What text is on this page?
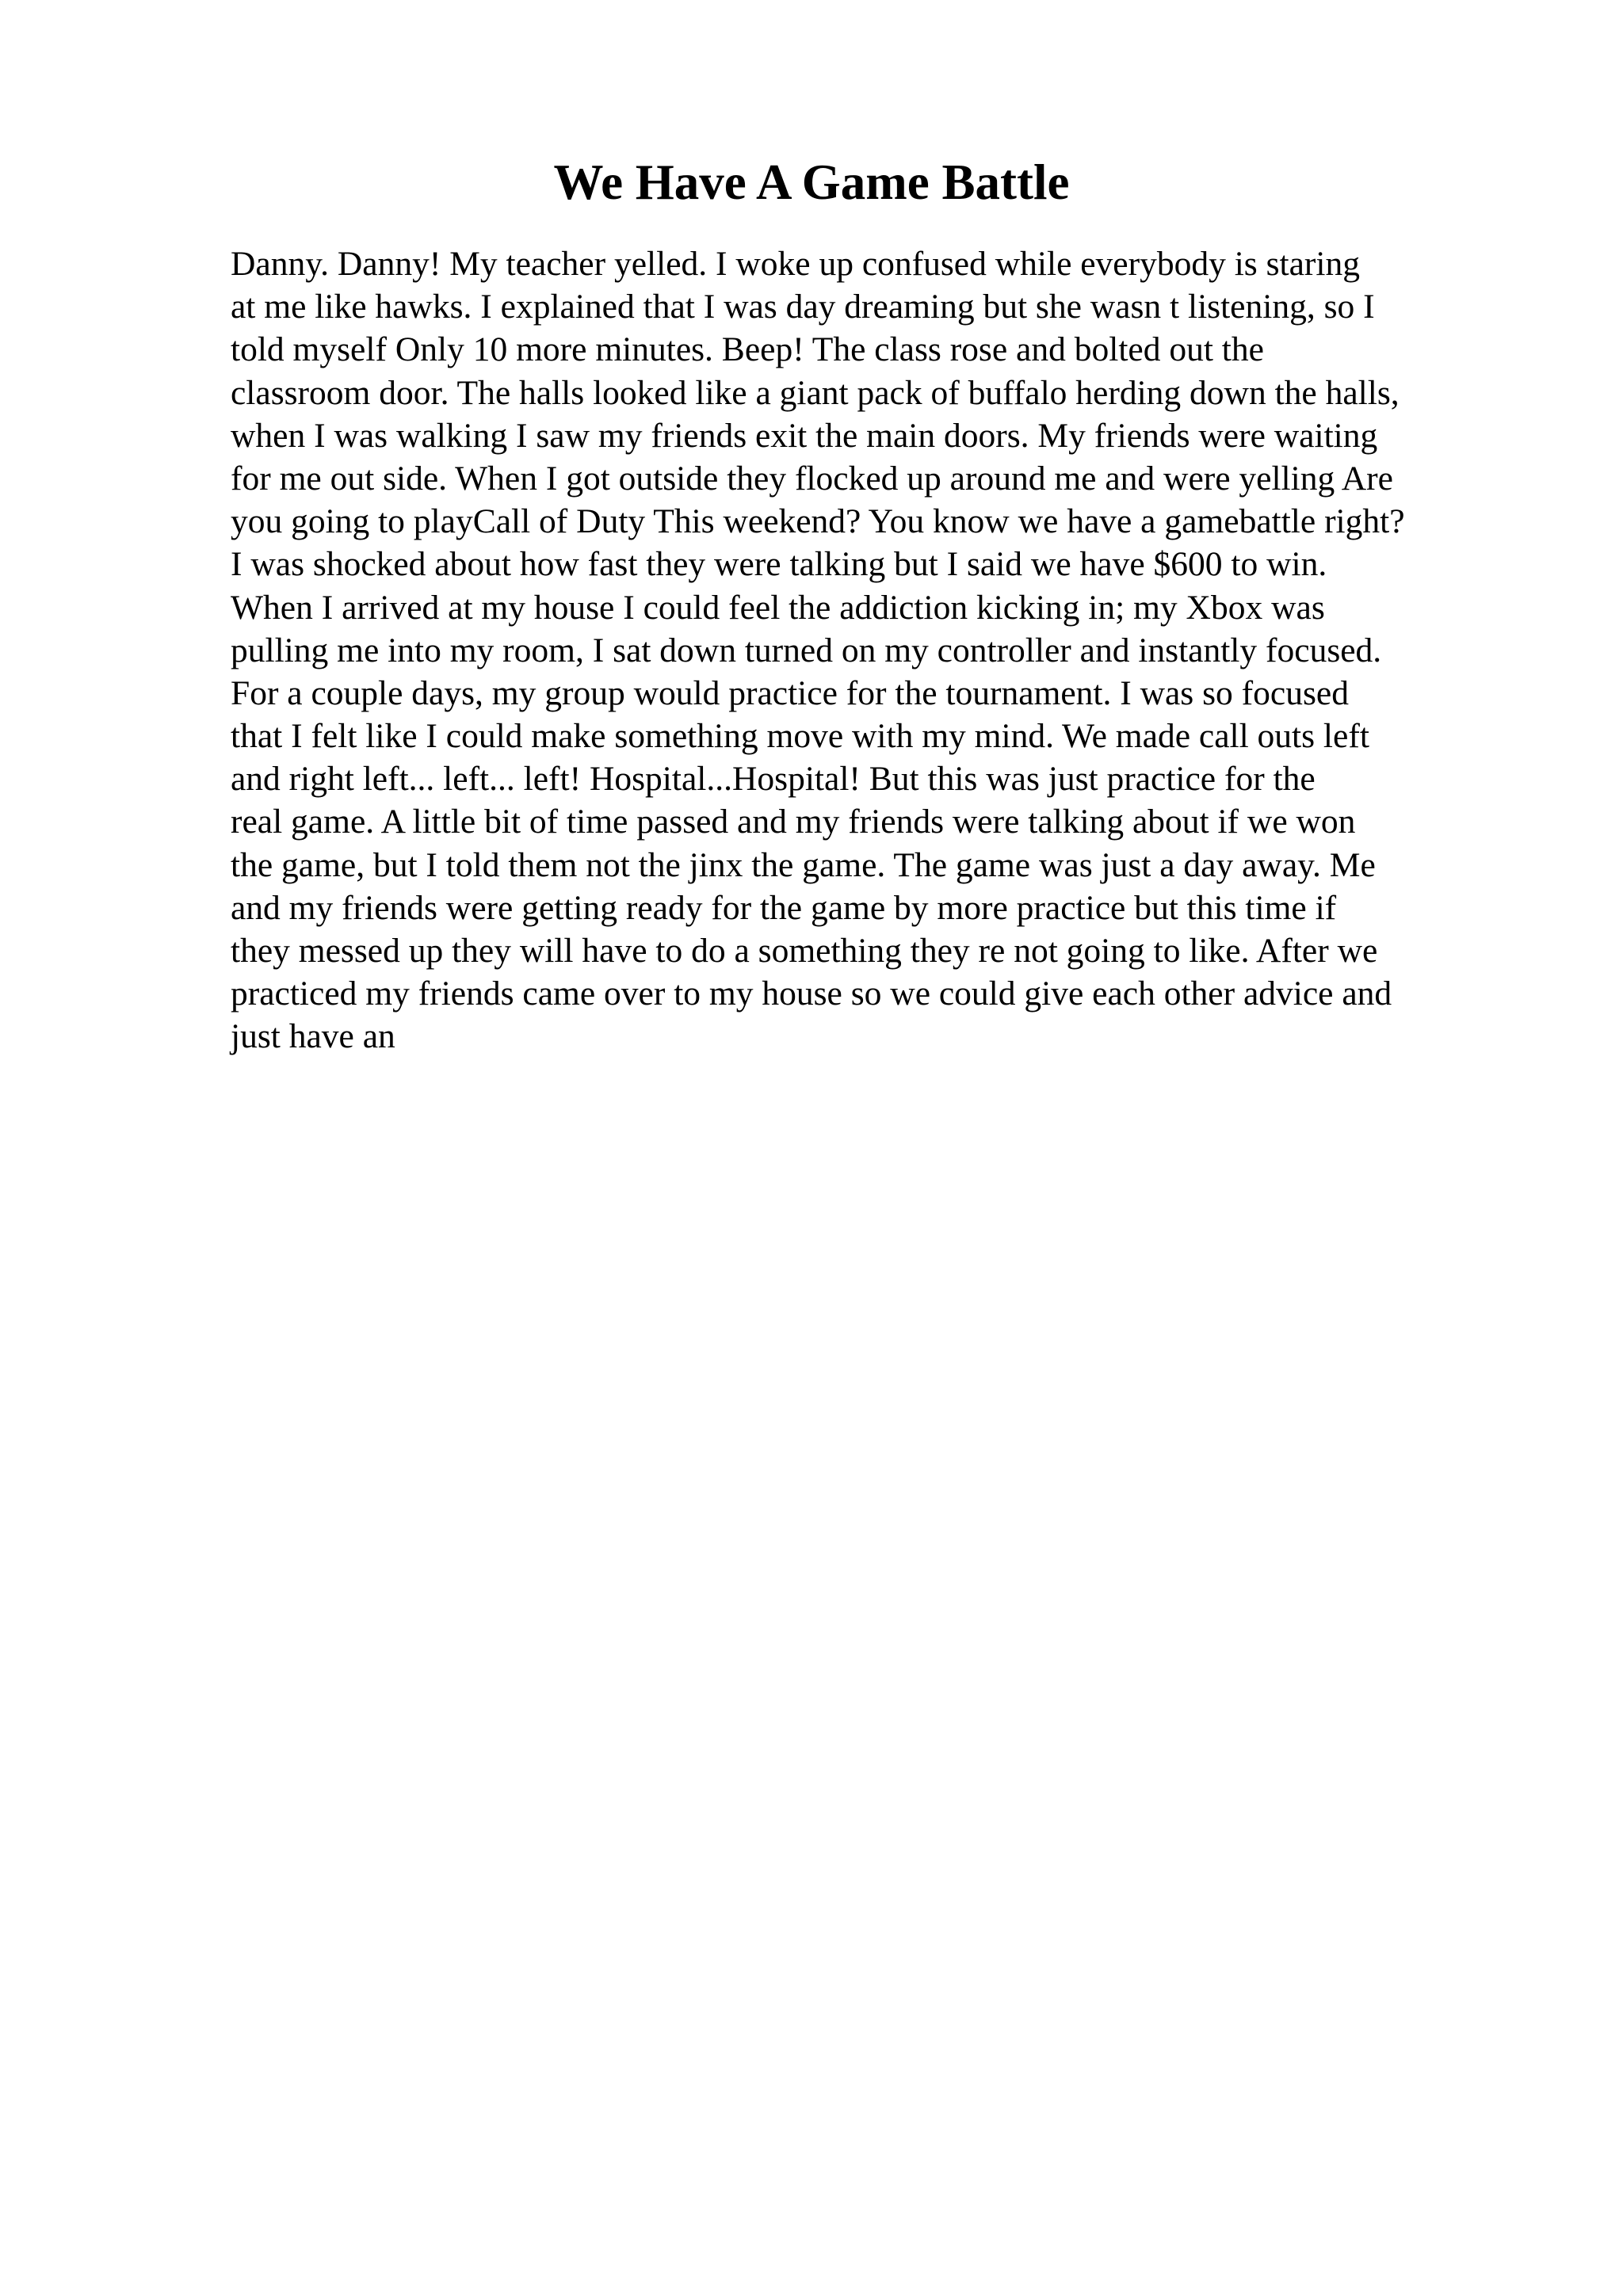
We Have A Game Battle
Danny. Danny! My teacher yelled. I woke up confused while everybody is staring
at me like hawks. I explained that I was day dreaming but she wasn t listening, so I
told myself Only 10 more minutes. Beep! The class rose and bolted out the
classroom door. The halls looked like a giant pack of buffalo herding down the halls,
when I was walking I saw my friends exit the main doors. My friends were waiting
for me out side. When I got outside they flocked up around me and were yelling Are
you going to playCall of Duty This weekend? You know we have a gamebattle right?
I was shocked about how fast they were talking but I said we have $600 to win.
When I arrived at my house I could feel the addiction kicking in; my Xbox was
pulling me into my room, I sat down turned on my controller and instantly focused.
For a couple days, my group would practice for the tournament. I was so focused
that I felt like I could make something move with my mind. We made call outs left
and right left... left... left! Hospital...Hospital! But this was just practice for the
real game. A little bit of time passed and my friends were talking about if we won
the game, but I told them not the jinx the game. The game was just a day away. Me
and my friends were getting ready for the game by more practice but this time if
they messed up they will have to do a something they re not going to like. After we
practiced my friends came over to my house so we could give each other advice and
just have an
